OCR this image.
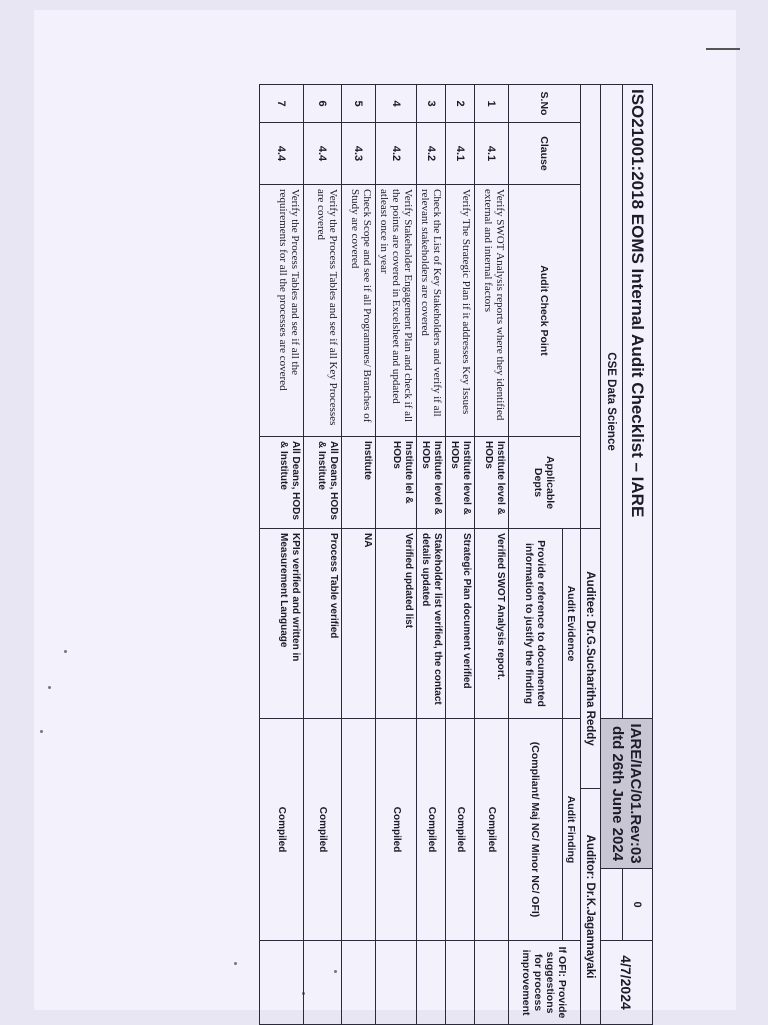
ISO21001:2018 EOMS Internal Audit Checklist – IARE					IARE/IAC/01.Rev:03
dtd 26th June 2024		0	4/7/2024
CSE Data Science								
				Auditee: Dr.G.Sucharitha Reddy		Auditor: Dr.K.Jagannayaki		
S.No	Clause	Audit Check Point	Applicable Depts	Audit Evidence	Audit Finding			If OFI: Provide suggestions for process improvement
				Provide reference to documented information to justify the finding	(Compliant/ Maj NC/ Minor NC/ OFI)			
1	4.1	Verify SWOT Analysis reports where they identified external and internal factors	Institute level & HODs	Verified SWOT Analysis report.	Compiled			
2	4.1	Verify The Strategic Plan if it addresses Key Issues	Institute level & HODs	Strategic Plan document verified	Compiled			
3	4.2	Check the List of Key Stakeholders and verify if all relevant stakeholders are covered	Institute level & HODs	Stakeholder list verified, the contact details updated	Compiled			
4	4.2	Verify Stakeholder Engagement Plan and check if all the points are covered in Excelsheet and updated atleast once in year	Institute lel & HODs	Verified updated list	Compiled			
5	4.3	Check Scope and see if all Programmes/ Branches of Study are covered	Institute	NA				
6	4.4	Verify the Process Tables and see if all Key Processes are covered	All Deans, HODs & Institute	Process Table verified	Compiled			
7	4.4	Verify the Process Tables and see if all the requirements for all the processes are covered	All Deans, HODs & Institute	KPIs verified and written in Measurement Language	Compiled			
